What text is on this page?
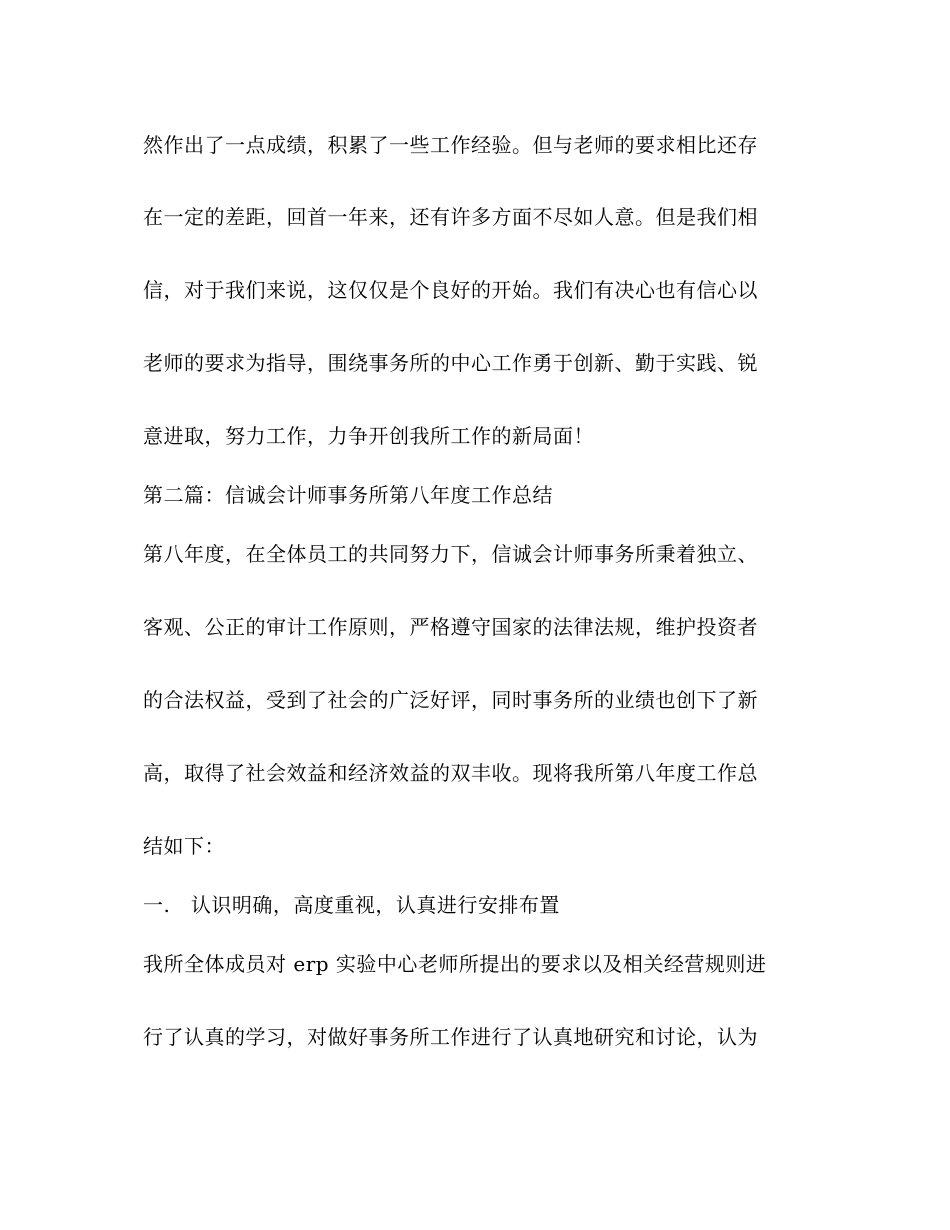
然作出了一点成绩，积累了一些工作经验。但与老师的要求相比还存
在一定的差距，回首一年来，还有许多方面不尽如人意。但是我们相
信，对于我们来说，这仅仅是个良好的开始。我们有决心也有信心以
老师的要求为指导，围绕事务所的中心工作勇于创新、勤于实践、锐
意进取，努力工作，力争开创我所工作的新局面！
第二篇：信诚会计师事务所第八年度工作总结
第八年度，在全体员工的共同努力下，信诚会计师事务所秉着独立、
客观、公正的审计工作原则，严格遵守国家的法律法规，维护投资者
的合法权益，受到了社会的广泛好评，同时事务所的业绩也创下了新
高，取得了社会效益和经济效益的双丰收。现将我所第八年度工作总
结如下：
一.   认识明确，高度重视，认真进行安排布置
我所全体成员对 erp 实验中心老师所提出的要求以及相关经营规则进
行了认真的学习，对做好事务所工作进行了认真地研究和讨论，认为
